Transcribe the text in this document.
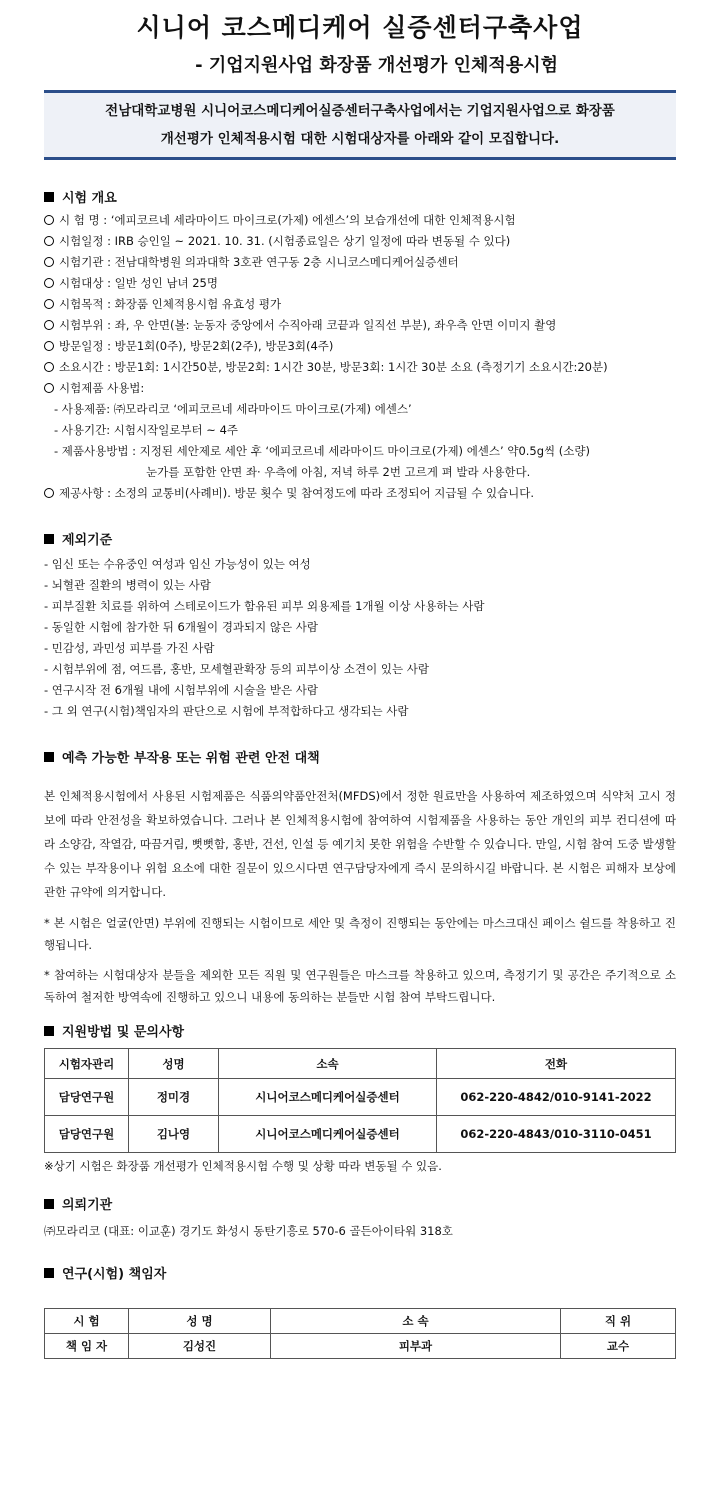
시니어 코스메디케어 실증센터구축사업
- 기업지원사업 화장품 개선평가 인체적용시험
전남대학교병원 시니어코스메디케어실증센터구축사업에서는 기업지원사업으로 화장품
개선평가 인체적용시험 대한 시험대상자를 아래와 같이 모집합니다.
시험 개요
시 험 명 : ‘에피코르네 세라마이드 마이크로(가제) 에센스’의 보습개선에 대한 인체적용시험
시험일정 : IRB 승인일 ~ 2021. 10. 31. (시험종료일은 상기 일정에 따라 변동될 수 있다)
시험기관 : 전남대학병원 의과대학 3호관 연구동 2층 시니코스메디케어실증센터
시험대상 : 일반 성인 남녀 25명
시험목적 : 화장품 인체적용시험 유효성 평가
시험부위 : 좌, 우 안면(볼: 눈동자 중앙에서 수직아래 코끝과 일직선 부분), 좌우측 안면 이미지 촬영
방문일정 : 방문1회(0주), 방문2회(2주), 방문3회(4주)
소요시간 : 방문1회: 1시간50분, 방문2회: 1시간 30분, 방문3회: 1시간 30분 소요 (측정기기 소요시간:20분)
시험제품 사용법:
- 사용제품: ㈜모라리코 ‘에피코르네 세라마이드 마이크로(가제) 에센스’
- 사용기간: 시험시작일로부터 ~ 4주
- 제품사용방법 : 지정된 세안제로 세안 후 ‘에피코르네 세라마이드 마이크로(가제) 에센스’ 약0.5g씩 (소량)
눈가를 포함한 안면 좌· 우측에 아침, 저녁 하루 2번 고르게 펴 발라 사용한다.
제공사항 : 소정의 교통비(사례비). 방문 횟수 및 참여정도에 따라 조정되어 지급될 수 있습니다.
제외기준
- 임신 또는 수유중인 여성과 임신 가능성이 있는 여성
- 뇌혈관 질환의 병력이 있는 사람
- 피부질환 치료를 위하여 스테로이드가 함유된 피부 외용제를 1개월 이상 사용하는 사람
- 동일한 시험에 참가한 뒤 6개월이 경과되지 않은 사람
- 민감성, 과민성 피부를 가진 사람
- 시험부위에 점, 여드름, 홍반, 모세혈관확장 등의 피부이상 소견이 있는 사람
- 연구시작 전 6개월 내에 시험부위에 시술을 받은 사람
- 그 외 연구(시험)책임자의 판단으로 시험에 부적합하다고 생각되는 사람
예측 가능한 부작용 또는 위험 관련 안전 대책
본 인체적용시험에서 사용된 시험제품은 식품의약품안전처(MFDS)에서 정한 원료만을 사용하여 제조하였으며 식약처 고시 정보에 따라 안전성을 확보하였습니다. 그러나 본 인체적용시험에 참여하여 시험제품을 사용하는 동안 개인의 피부 컨디션에 따라 소양감, 작열감, 따끔거림, 뻣뻣함, 홍반, 건선, 인설 등 예기치 못한 위험을 수반할 수 있습니다. 만일, 시험 참여 도중 발생할 수 있는 부작용이나 위험 요소에 대한 질문이 있으시다면 연구담당자에게 즉시 문의하시길 바랍니다. 본 시험은 피해자 보상에 관한 규약에 의거합니다.
* 본 시험은 얼굴(안면) 부위에 진행되는 시험이므로 세안 및 측정이 진행되는 동안에는 마스크대신 페이스 쉴드를 착용하고 진행됩니다.
* 참여하는 시험대상자 분들을 제외한 모든 직원 및 연구원들은 마스크를 착용하고 있으며, 측정기기 및 공간은 주기적으로 소독하여 철저한 방역속에 진행하고 있으니 내용에 동의하는 분들만 시험 참여 부탁드립니다.
지원방법 및 문의사항
시험자관리	성명	소속	전화
담당연구원	정미경	시니어코스메디케어실증센터	062-220-4842/010-9141-2022
담당연구원	김나영	시니어코스메디케어실증센터	062-220-4843/010-3110-0451
※상기 시험은 화장품 개선평가 인체적용시험 수행 및 상황 따라 변동될 수 있음.
의뢰기관
㈜모라리코 (대표: 이교훈) 경기도 화성시 동탄기흥로 570-6 골든아이타워 318호
연구(시험) 책임자
시 험	성 명	소 속	직 위
책 임 자	김성진	피부과	교수
